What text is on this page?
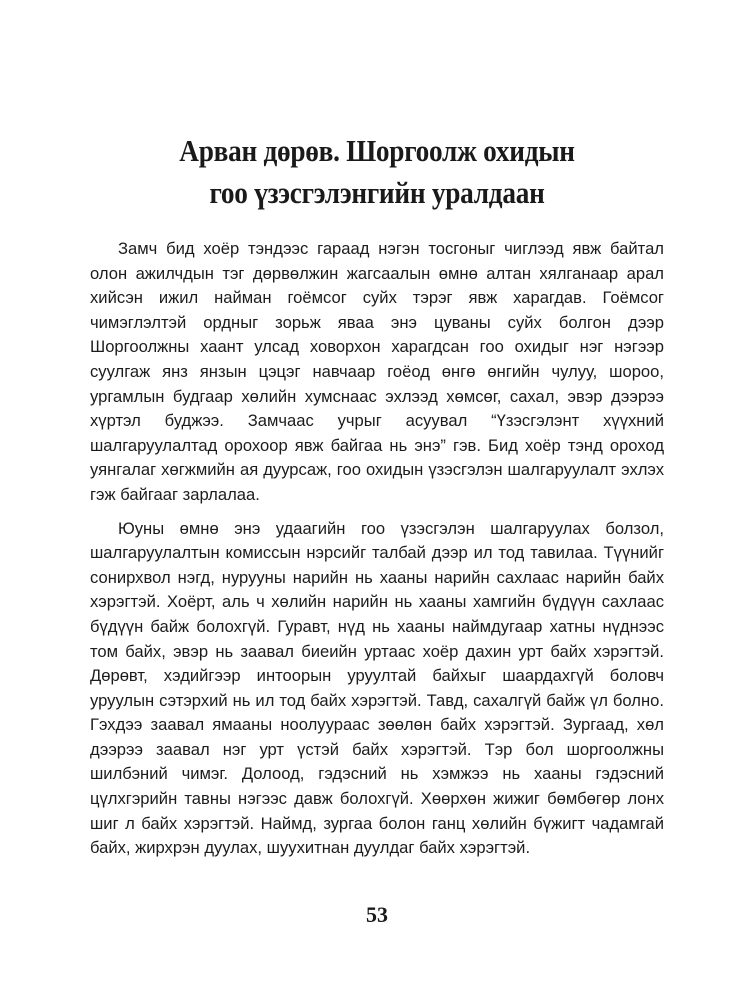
Арван дөрөв. Шоргоолж охидын
гоо үзэсгэлэнгийн уралдаан

Замч бид хоёр тэндээс гараад нэгэн тосгоныг чиглээд явж байтал олон ажилчдын тэг дөрвөлжин жагсаалын өмнө алтан хялганаар арал хийсэн ижил найман гоёмсог суйх тэрэг явж харагдав. Гоёмсог чимэглэлтэй ордныг зорьж яваа энэ цуваны суйх болгон дээр Шоргоолжны хаант улсад ховорхон харагдсан гоо охидыг нэг нэгээр суулгаж янз янзын цэцэг навчаар гоёод өнгө өнгийн чулуу, шороо, ургамлын будгаар хөлийн хумснаас эхлээд хөмсөг, сахал, эвэр дээрээ хүртэл буджээ. Замчаас учрыг асуувал “Үзэсгэлэнт хүүхний шалгаруулалтад орохоор явж байгаа нь энэ” гэв. Бид хоёр тэнд ороход уянгалаг хөгжмийн ая дуурсаж, гоо охидын үзэсгэлэн шалгаруулалт эхлэх гэж байгааг зарлалаа.

Юуны өмнө энэ удаагийн гоо үзэсгэлэн шалгаруулах болзол, шалгаруулалтын комиссын нэрсийг талбай дээр ил тод тавилаа. Түүнийг сонирхвол нэгд, нурууны нарийн нь хааны нарийн сахлаас нарийн байх хэрэгтэй. Хоёрт, аль ч хөлийн нарийн нь хааны хамгийн бүдүүн сахлаас бүдүүн байж болохгүй. Гуравт, нүд нь хааны наймдугаар хатны нүднээс том байх, эвэр нь заавал биеийн уртаас хоёр дахин урт байх хэрэгтэй. Дөрөвт, хэдийгээр интоорын уруултай байхыг шаардахгүй боловч уруулын сэтэрхий нь ил тод байх хэрэгтэй. Тавд, сахалгүй байж үл болно. Гэхдээ заавал ямааны ноолуураас зөөлөн байх хэрэгтэй. Зургаад, хөл дээрээ заавал нэг урт үстэй байх хэрэгтэй. Тэр бол шоргоолжны шилбэний чимэг. Долоод, гэдэсний нь хэмжээ нь хааны гэдэсний цүлхгэрийн тавны нэгээс давж болохгүй. Хөөрхөн жижиг бөмбөгөр лонх шиг л байх хэрэгтэй. Наймд, зургаа болон ганц хөлийн бүжигт чадамгай байх, жирхрэн дуулах, шуухитнан дуулдаг байх хэрэгтэй.

53
